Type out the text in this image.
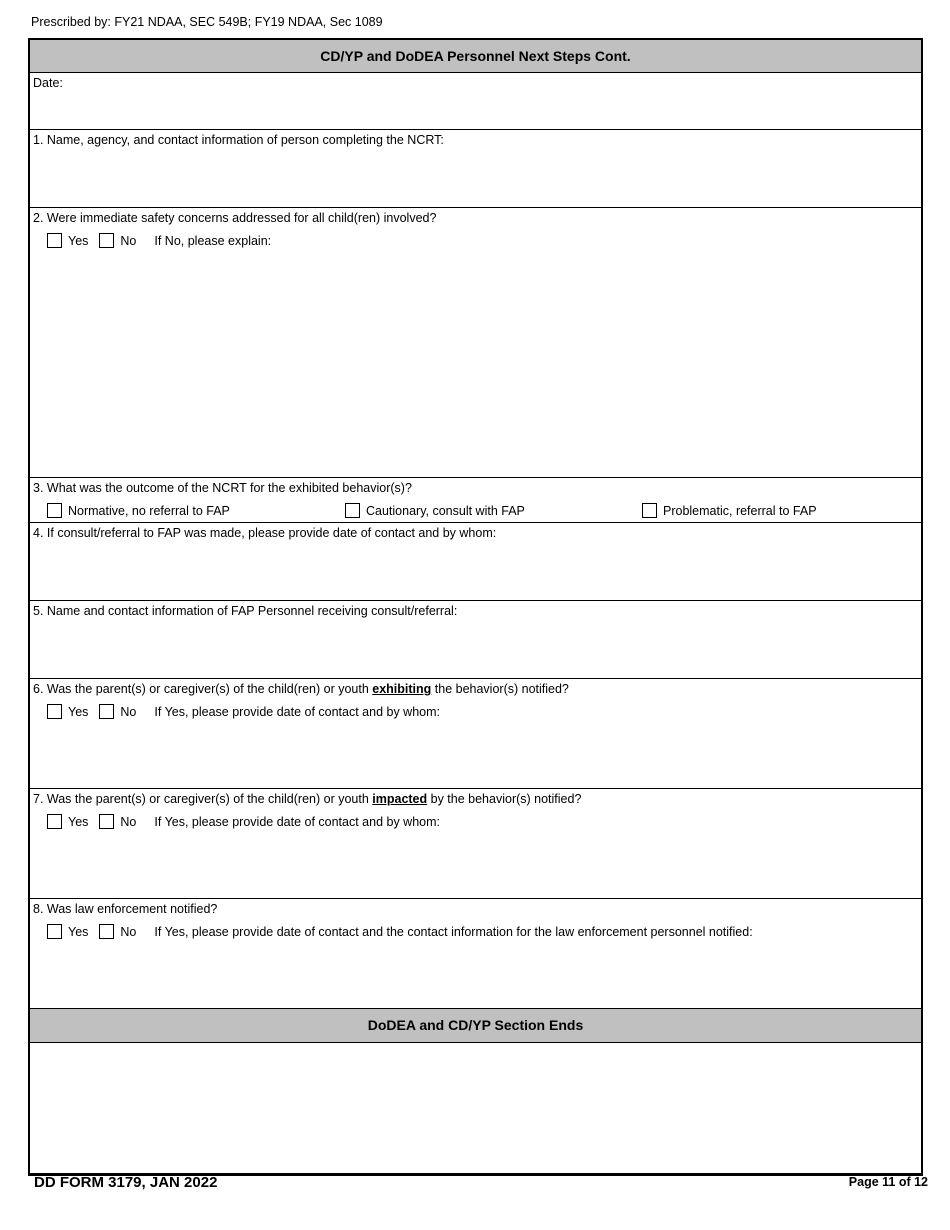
Prescribed by: FY21 NDAA, SEC 549B; FY19 NDAA, Sec 1089
CD/YP and DoDEA Personnel Next Steps Cont.
Date:
1. Name, agency, and contact information of person completing the NCRT:
2. Were immediate safety concerns addressed for all child(ren) involved?
Yes	No If No, please explain:
3. What was the outcome of the NCRT for the exhibited behavior(s)?
Normative, no referral to FAP	Cautionary, consult with FAP	Problematic, referral to FAP
4. If consult/referral to FAP was made, please provide date of contact and by whom:
5. Name and contact information of FAP Personnel receiving consult/referral:
6. Was the parent(s) or caregiver(s) of the child(ren) or youth exhibiting the behavior(s) notified?
Yes	No If Yes, please provide date of contact and by whom:
7. Was the parent(s) or caregiver(s) of the child(ren) or youth impacted by the behavior(s) notified?
Yes	No If Yes, please provide date of contact and by whom:
8. Was law enforcement notified?
Yes	No If Yes, please provide date of contact and the contact information for the law enforcement personnel notified:
DoDEA and CD/YP Section Ends
DD FORM 3179, JAN 2022	Page 11 of 12
